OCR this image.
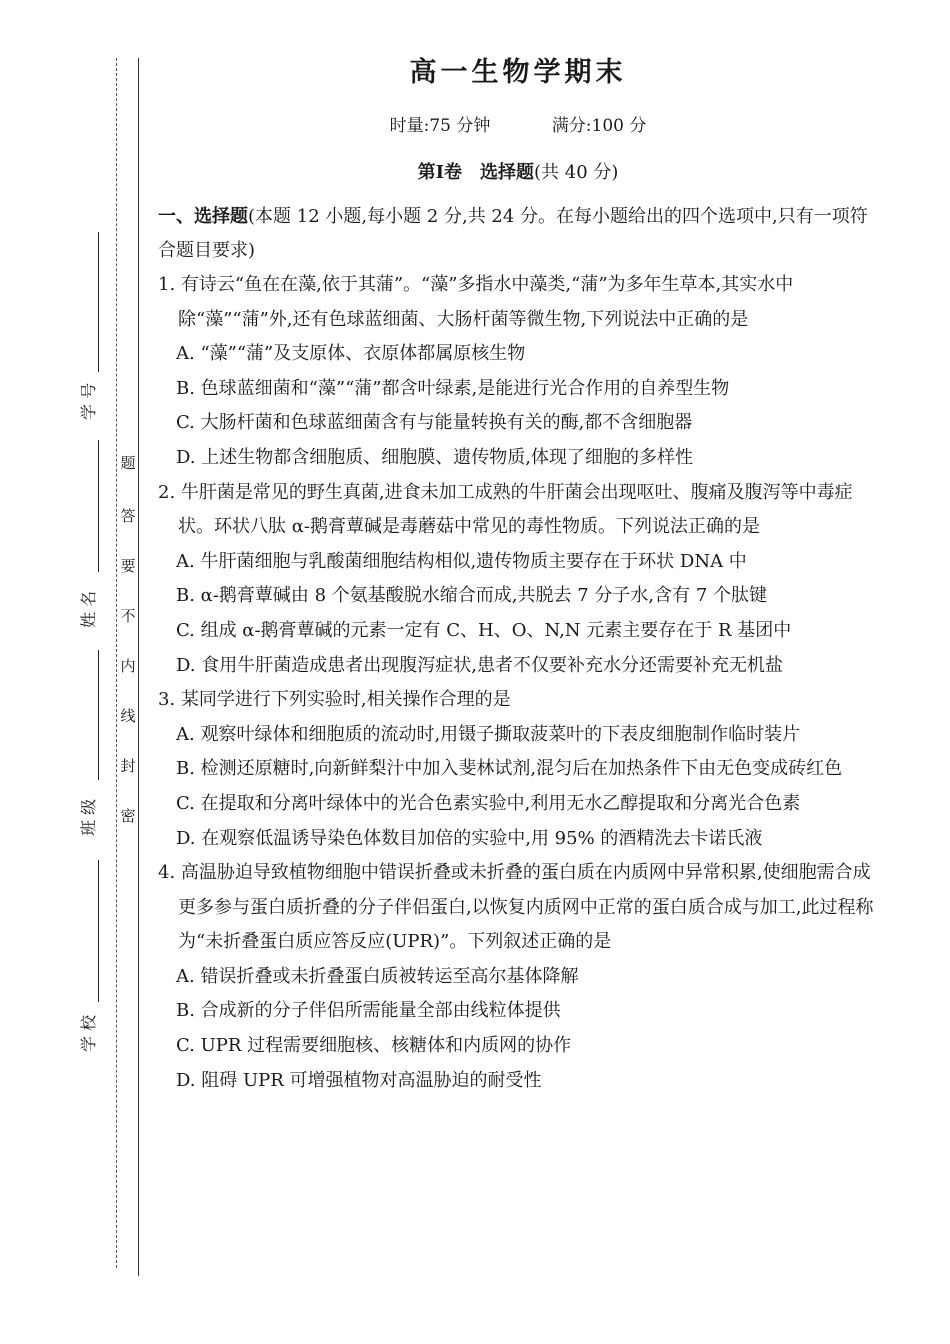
学 号
姓 名
班 级
学 校
题
答
要
不
内
线
封
密
高一生物学期末
时量:75 分钟	满分:100 分
第Ⅰ卷　选择题(共 40 分)
一、选择题(本题 12 小题,每小题 2 分,共 24 分。在每小题给出的四个选项中,只有一项符合题目要求)

1. 有诗云“鱼在在藻,依于其蒲”。“藻”多指水中藻类,“蒲”为多年生草本,其实水中除“藻”“蒲”外,还有色球蓝细菌、大肠杆菌等微生物,下列说法中正确的是

A. “藻”“蒲”及支原体、衣原体都属原核生物

B. 色球蓝细菌和“藻”“蒲”都含叶绿素,是能进行光合作用的自养型生物

C. 大肠杆菌和色球蓝细菌含有与能量转换有关的酶,都不含细胞器

D. 上述生物都含细胞质、细胞膜、遗传物质,体现了细胞的多样性

2. 牛肝菌是常见的野生真菌,进食未加工成熟的牛肝菌会出现呕吐、腹痛及腹泻等中毒症状。环状八肽 α-鹅膏蕈碱是毒蘑菇中常见的毒性物质。下列说法正确的是

A. 牛肝菌细胞与乳酸菌细胞结构相似,遗传物质主要存在于环状 DNA 中

B. α-鹅膏蕈碱由 8 个氨基酸脱水缩合而成,共脱去 7 分子水,含有 7 个肽键

C. 组成 α-鹅膏蕈碱的元素一定有 C、H、O、N,N 元素主要存在于 R 基团中

D. 食用牛肝菌造成患者出现腹泻症状,患者不仅要补充水分还需要补充无机盐

3. 某同学进行下列实验时,相关操作合理的是

A. 观察叶绿体和细胞质的流动时,用镊子撕取菠菜叶的下表皮细胞制作临时装片

B. 检测还原糖时,向新鲜梨汁中加入斐林试剂,混匀后在加热条件下由无色变成砖红色

C. 在提取和分离叶绿体中的光合色素实验中,利用无水乙醇提取和分离光合色素

D. 在观察低温诱导染色体数目加倍的实验中,用 95% 的酒精洗去卡诺氏液

4. 高温胁迫导致植物细胞中错误折叠或未折叠的蛋白质在内质网中异常积累,使细胞需合成更多参与蛋白质折叠的分子伴侣蛋白,以恢复内质网中正常的蛋白质合成与加工,此过程称为“未折叠蛋白质应答反应(UPR)”。下列叙述正确的是

A. 错误折叠或未折叠蛋白质被转运至高尔基体降解

B. 合成新的分子伴侣所需能量全部由线粒体提供

C. UPR 过程需要细胞核、核糖体和内质网的协作

D. 阻碍 UPR 可增强植物对高温胁迫的耐受性
